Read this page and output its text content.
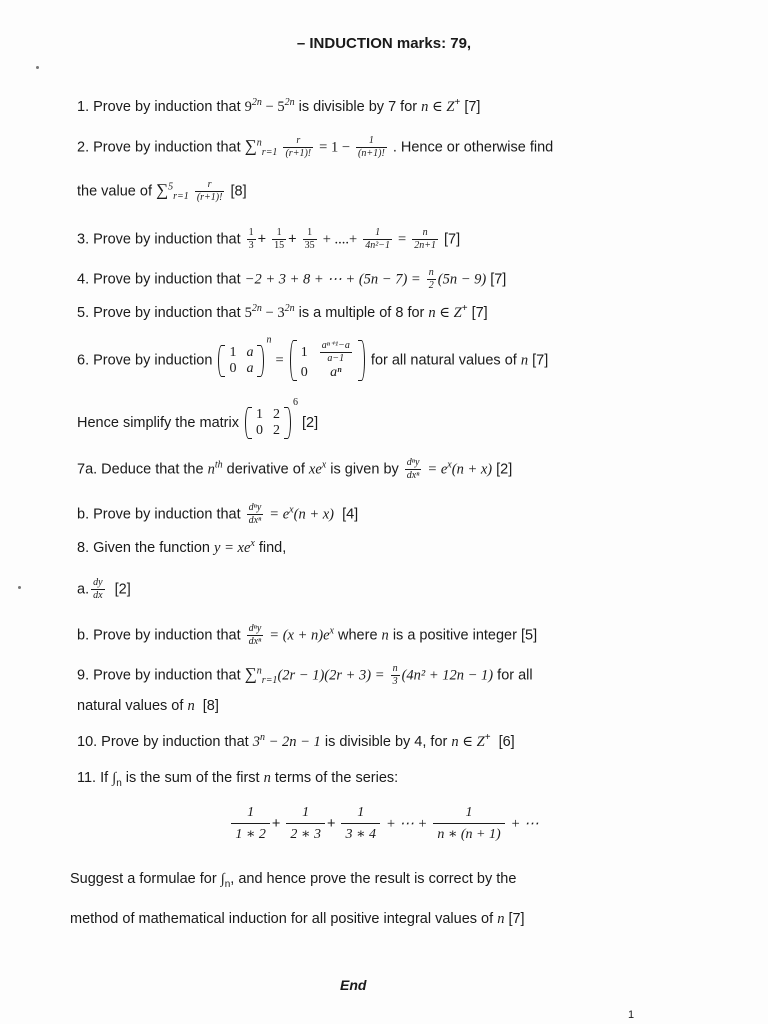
– INDUCTION marks: 79,
1. Prove by induction that $9^{2n} - 5^{2n}$ is divisible by 7 for n ∈ Z+ [7]
2. Prove by induction that $\sum^n_{r=1} \frac{r}{(r+1)!} = 1 - \frac{1}{(n+1)!}$ . Hence or otherwise find
the value of $\sum^5_{r=1} \frac{r}{(r+1)!} [8]$
3. Prove by induction that $\frac{1}{3} + \frac{1}{15} + \frac{1}{35}$ + ....+ $\frac{1}{\text{4n²−1}} = \frac{n}{2n+1} [7]$
4. Prove by induction that −2 + 3 + 8 + ⋯ + $(5n - 7) = \frac{n}{2} (5n - 9)$ [7]
5. Prove by induction that $5^{2n} - 3^{2n}$ is a multiple of 8 for n ∈ Z+ [7]
6. Prove by induction
1	a
0	a
$^n$ =
1	$\frac{\text{aⁿ⁺¹−a}}{a-1}$

0	aⁿ
for all natural values of n [7]
Hence simplify the matrix
1	2
0	2
$^6$ [2]
7a. Deduce that the $n^{th}$ derivative of $xe^x$ is given by $\frac{\text{dⁿy}}{\text{dxⁿ}} = e^x(n + x)$ [2]
b. Prove by induction that $\frac{\text{dⁿy}}{\text{dxⁿ}} = e^x(n + x)$ [4]
8. Given the function $y = xe^x$ find,
a. $\frac{dy}{dx} [2]$
b. Prove by induction that $\frac{\text{dⁿy}}{\text{dxⁿ}} = (x + n)e^x$ where n is a positive integer [5]
9. Prove by induction that $\sum^n_{r=1}(2r - 1)(2r + 3) = \frac{n}{3} (4n^2 + 12n - 1)$ for all
natural values of n [8]
10. Prove by induction that $3^n - 2n - 1$ is divisible by 4, for n ∈ Z+ [6]
11. If $\int_n$ is the sum of the first n terms of the series:
$\frac{1}{1 ∗ 2} + \frac{1}{2 ∗ 3} + \frac{1}{3 ∗ 4}$ + ⋯ + $\frac{1}{n ∗ (n + 1)}$ + ⋯
Suggest a formulae for $\int_n$, and hence prove the result is correct by the
method of mathematical induction for all positive integral values of n [7]
End
1
